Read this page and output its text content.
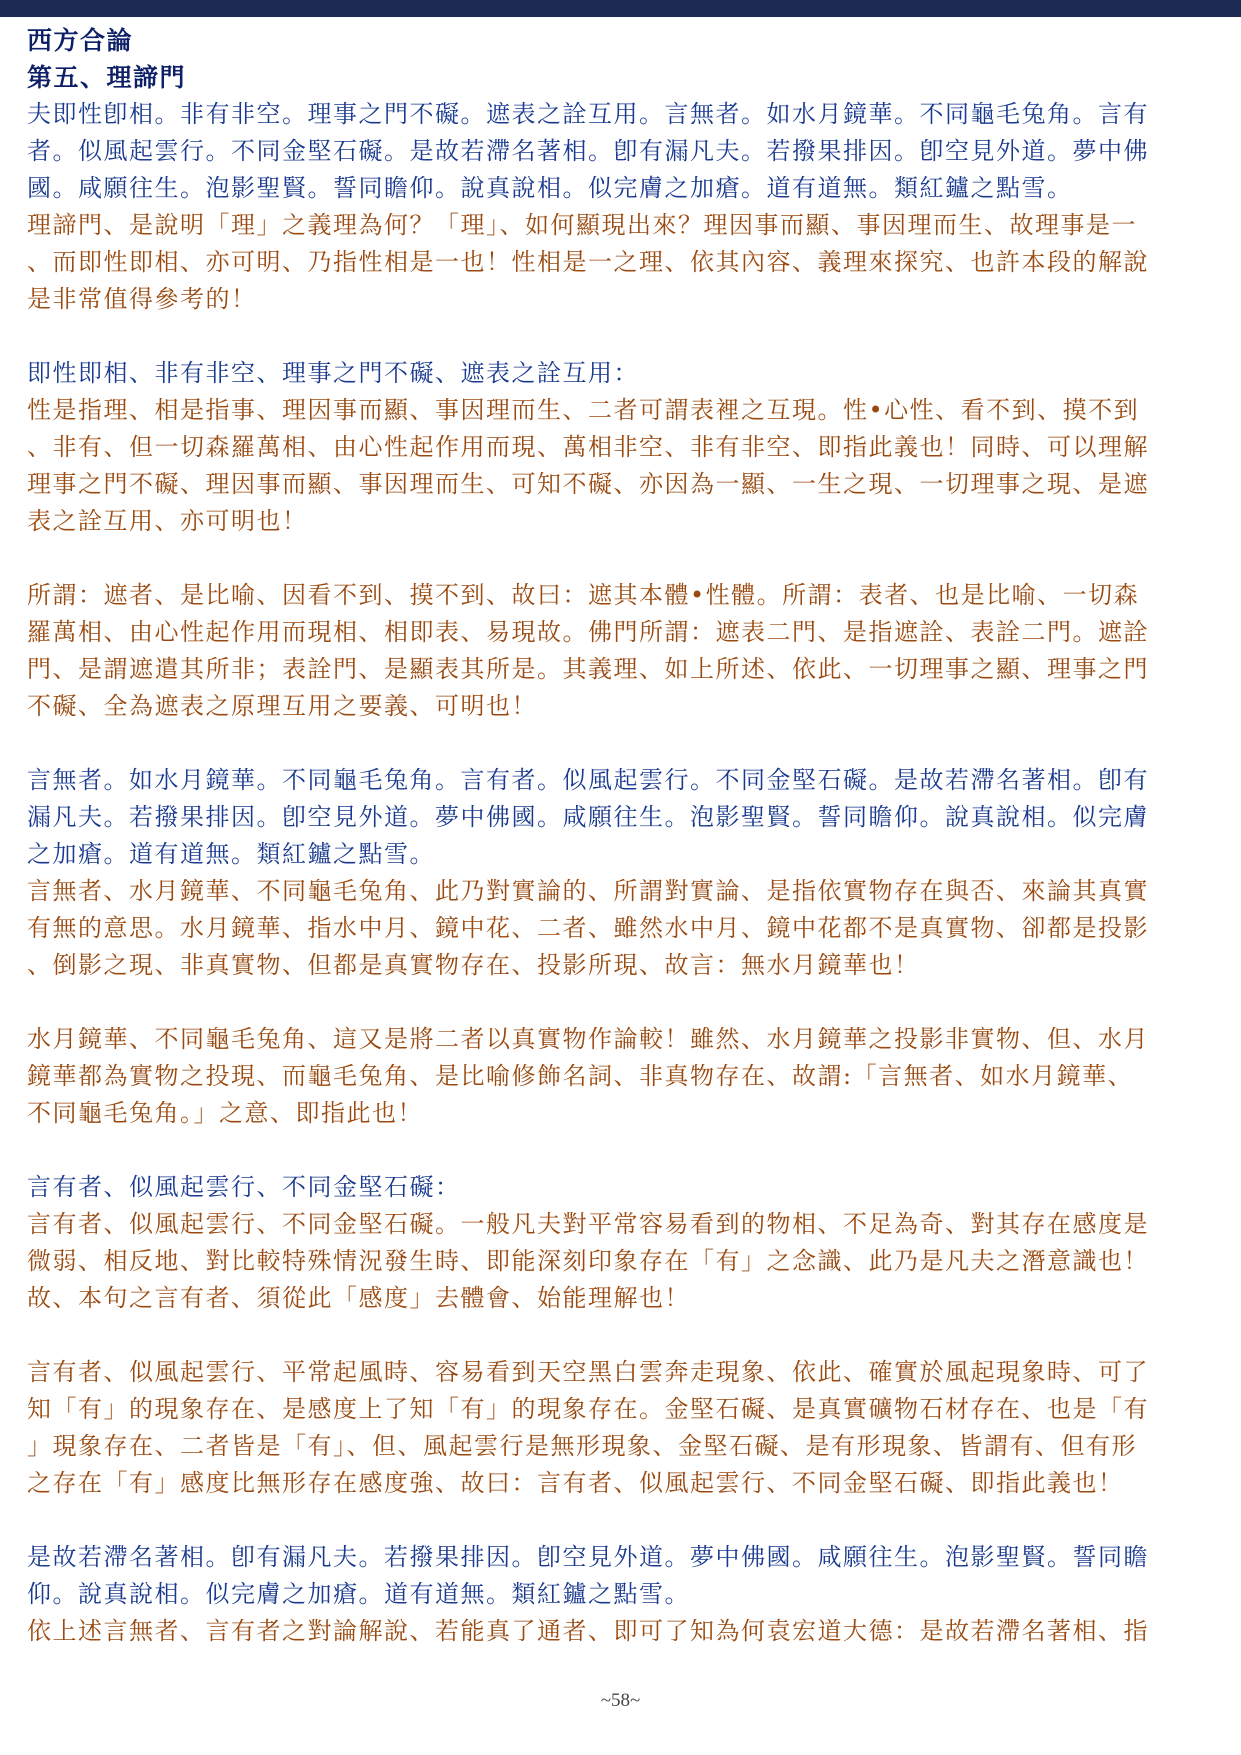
西方合論
第五、理諦門
夫即性卽相。非有非空。理事之門不礙。遮表之詮互用。言無者。如水月鏡華。不同龜毛兔角。言有
者。似風起雲行。不同金堅石礙。是故若滯名著相。卽有漏凡夫。若撥果排因。卽空見外道。夢中佛
國。咸願往生。泡影聖賢。誓同瞻仰。說真說相。似完膚之加瘡。道有道無。類紅鑪之點雪。
理諦門、是說明「理」之義理為何？「理」、如何顯現出來？理因事而顯、事因理而生、故理事是一
、而即性即相、亦可明、乃指性相是一也！性相是一之理、依其內容、義理來探究、也許本段的解說
是非常值得參考的！
即性即相、非有非空、理事之門不礙、遮表之詮互用：
性是指理、相是指事、理因事而顯、事因理而生、二者可謂表裡之互現。性•心性、看不到、摸不到
、非有、但一切森羅萬相、由心性起作用而現、萬相非空、非有非空、即指此義也！同時、可以理解
理事之門不礙、理因事而顯、事因理而生、可知不礙、亦因為一顯、一生之現、一切理事之現、是遮
表之詮互用、亦可明也！
所謂：遮者、是比喻、因看不到、摸不到、故曰：遮其本體•性體。所謂：表者、也是比喻、一切森
羅萬相、由心性起作用而現相、相即表、易現故。佛門所謂：遮表二門、是指遮詮、表詮二門。遮詮
門、是謂遮遣其所非；表詮門、是顯表其所是。其義理、如上所述、依此、一切理事之顯、理事之門
不礙、全為遮表之原理互用之要義、可明也！
言無者。如水月鏡華。不同龜毛兔角。言有者。似風起雲行。不同金堅石礙。是故若滯名著相。卽有
漏凡夫。若撥果排因。卽空見外道。夢中佛國。咸願往生。泡影聖賢。誓同瞻仰。說真說相。似完膚
之加瘡。道有道無。類紅鑪之點雪。
言無者、水月鏡華、不同龜毛兔角、此乃對實論的、所謂對實論、是指依實物存在與否、來論其真實
有無的意思。水月鏡華、指水中月、鏡中花、二者、雖然水中月、鏡中花都不是真實物、卻都是投影
、倒影之現、非真實物、但都是真實物存在、投影所現、故言：無水月鏡華也！
水月鏡華、不同龜毛兔角、這又是將二者以真實物作論較！雖然、水月鏡華之投影非實物、但、水月
鏡華都為實物之投現、而龜毛兔角、是比喻修飾名詞、非真物存在、故謂:「言無者、如水月鏡華、
不同龜毛兔角。」之意、即指此也！
言有者、似風起雲行、不同金堅石礙：
言有者、似風起雲行、不同金堅石礙。一般凡夫對平常容易看到的物相、不足為奇、對其存在感度是
微弱、相反地、對比較特殊情況發生時、即能深刻印象存在「有」之念識、此乃是凡夫之潛意識也！
故、本句之言有者、須從此「感度」去體會、始能理解也！
言有者、似風起雲行、平常起風時、容易看到天空黑白雲奔走現象、依此、確實於風起現象時、可了
知「有」的現象存在、是感度上了知「有」的現象存在。金堅石礙、是真實礦物石材存在、也是「有
」現象存在、二者皆是「有」、但、風起雲行是無形現象、金堅石礙、是有形現象、皆謂有、但有形
之存在「有」感度比無形存在感度強、故曰：言有者、似風起雲行、不同金堅石礙、即指此義也！
是故若滯名著相。卽有漏凡夫。若撥果排因。卽空見外道。夢中佛國。咸願往生。泡影聖賢。誓同瞻
仰。說真說相。似完膚之加瘡。道有道無。類紅鑪之點雪。
依上述言無者、言有者之對論解說、若能真了通者、即可了知為何袁宏道大德：是故若滯名著相、指
~58~
